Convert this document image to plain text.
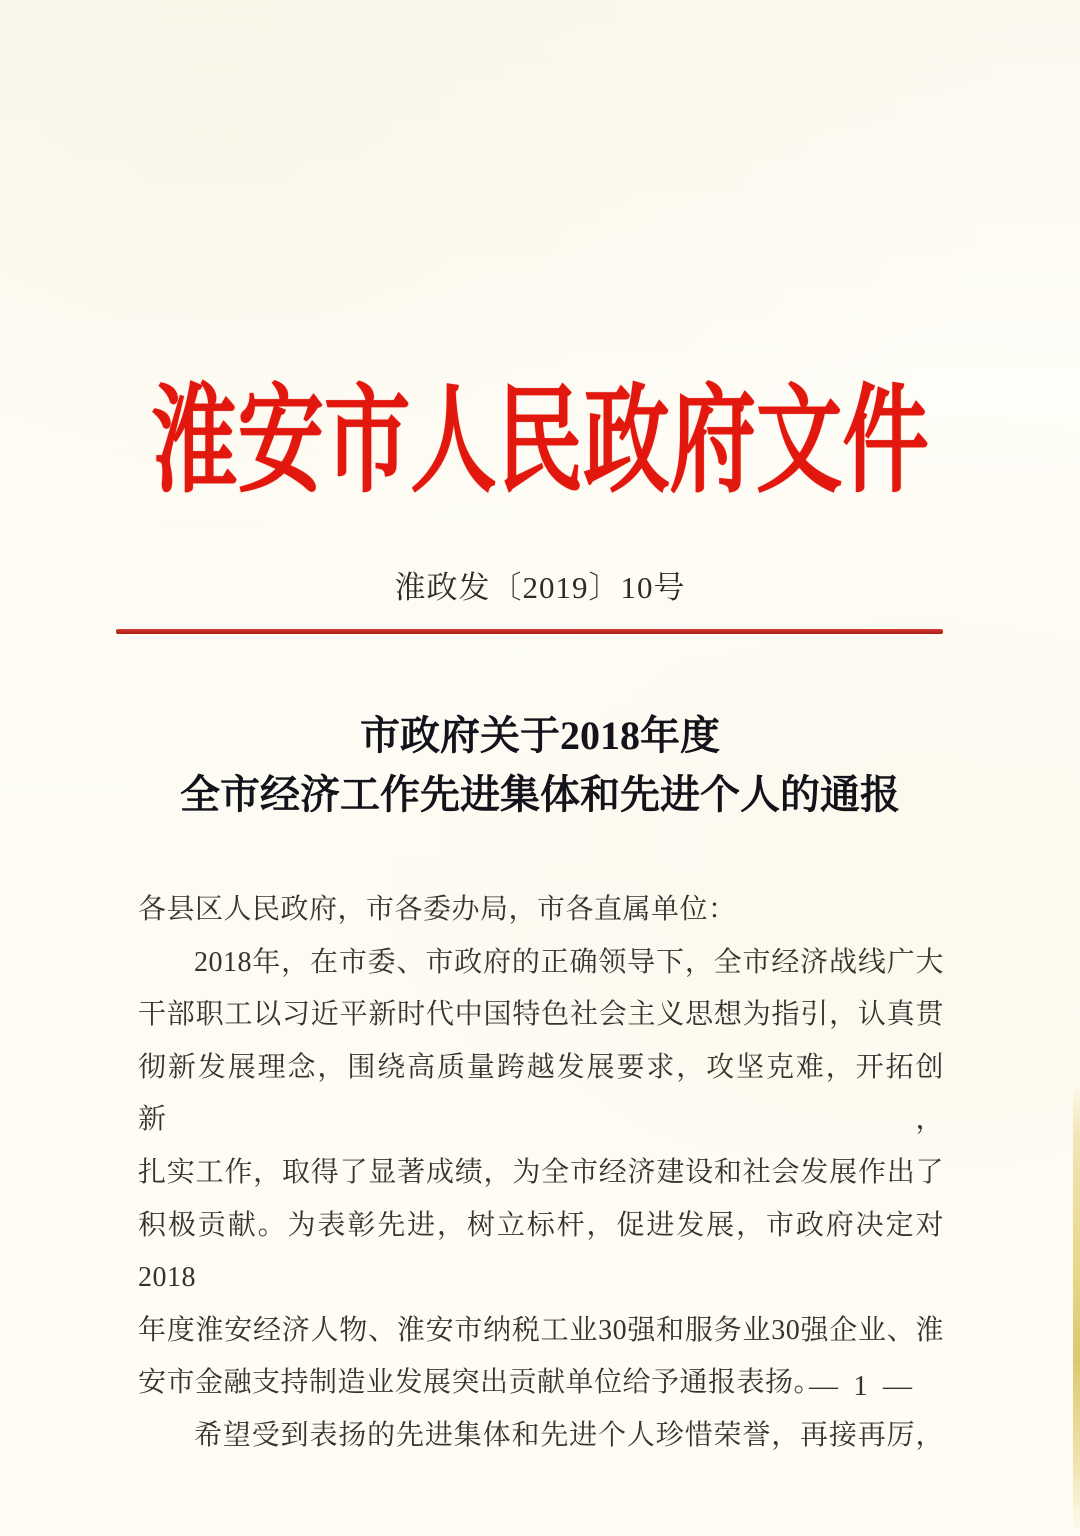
淮安市人民政府文件
淮政发〔2019〕10号
市政府关于2018年度
全市经济工作先进集体和先进个人的通报
各县区人民政府，市各委办局，市各直属单位：
2018年，在市委、市政府的正确领导下，全市经济战线广大
干部职工以习近平新时代中国特色社会主义思想为指引，认真贯
彻新发展理念，围绕高质量跨越发展要求，攻坚克难，开拓创新，
扎实工作，取得了显著成绩，为全市经济建设和社会发展作出了
积极贡献。为表彰先进，树立标杆，促进发展，市政府决定对2018
年度淮安经济人物、淮安市纳税工业30强和服务业30强企业、淮
安市金融支持制造业发展突出贡献单位给予通报表扬。
希望受到表扬的先进集体和先进个人珍惜荣誉，再接再厉，
— 1 —
